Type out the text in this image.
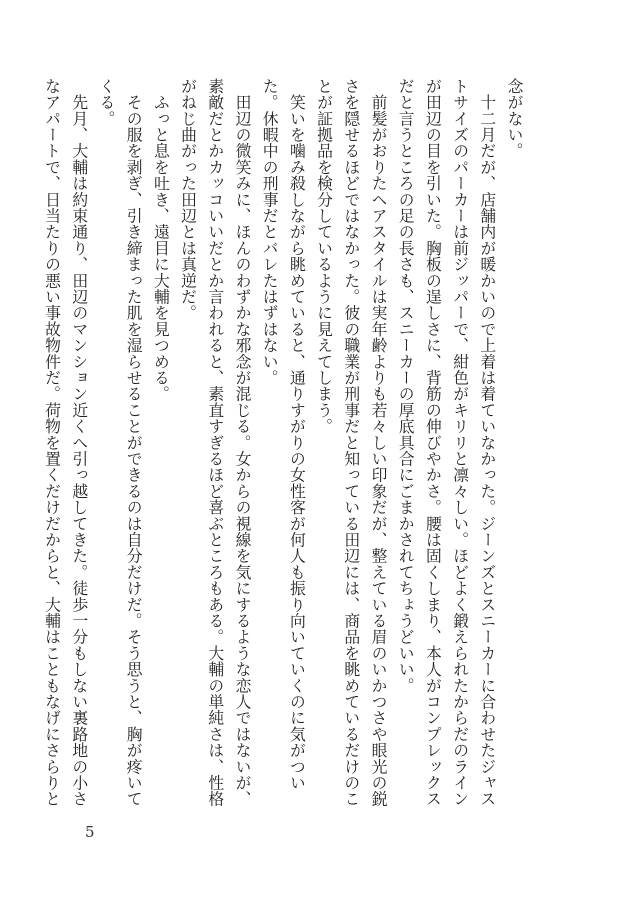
念がない。

　十二月だが、店舗内が暖かいので上着は着ていなかった。ジーンズとスニーカーに合わせたジャストサイズのパーカーは前ジッパーで、紺色がキリリと凛々しい。ほどよく鍛えられたからだのラインが田辺の目を引いた。胸板の逞しさに、背筋の伸びやかさ。腰は固くしまり、本人がコンプレックスだと言うところの足の長さも、スニーカーの厚底具合にごまかされてちょうどいい。

　前髪がおりたヘアスタイルは実年齢よりも若々しい印象だが、整えている眉のいかつさや眼光の鋭さを隠せるほどではなかった。彼の職業が刑事だと知っている田辺には、商品を眺めているだけのことが証拠品を検分しているように見えてしまう。

　笑いを噛み殺しながら眺めていると、通りすがりの女性客が何人も振り向いていくのに気がついた。休暇中の刑事だとバレたはずはない。

　田辺の微笑みに、ほんのわずかな邪念が混じる。女からの視線を気にするような恋人ではないが、素敵だとかカッコいいだとか言われると、素直すぎるほど喜ぶところもある。大輔の単純さは、性格がねじ曲がった田辺とは真逆だ。

　ふっと息を吐き、遠目に大輔を見つめる。

　その服を剥ぎ、引き締まった肌を湿らせることができるのは自分だけだ。そう思うと、胸が疼いてくる。

　先月、大輔は約束通り、田辺のマンション近くへ引っ越してきた。徒歩一分もしない裏路地の小さなアパートで、日当たりの悪い事故物件だ。荷物を置くだけだからと、大輔はこともなげにさらりと

5
